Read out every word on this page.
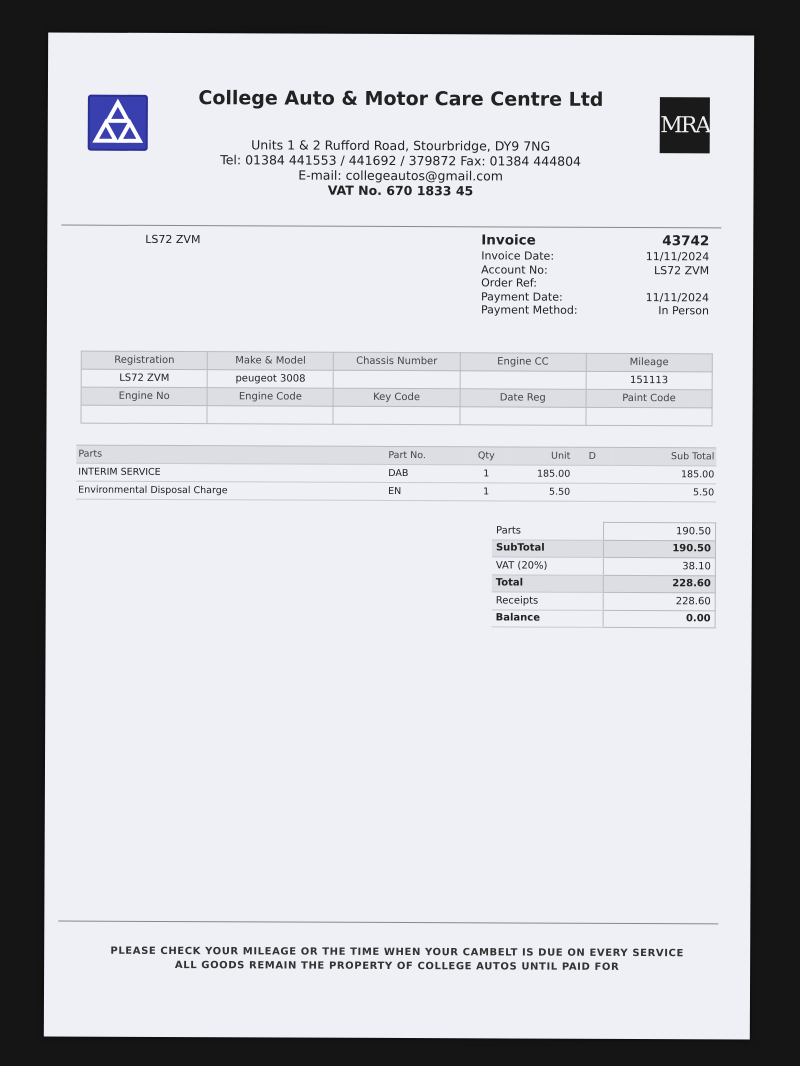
College Auto & Motor Care Centre Ltd
MRA
Units 1 & 2 Rufford Road, Stourbridge, DY9 7NG
Tel: 01384 441553 / 441692 / 379872 Fax: 01384 444804
E-mail: collegeautos@gmail.com
VAT No. 670 1833 45
LS72 ZVM	Invoice	43742
Invoice Date:	11/11/2024
Account No:	LS72 ZVM
Order Ref:
Payment Date:	11/11/2024
Payment Method:	In Person
Registration	Make & Model	Chassis Number	Engine CC	Mileage
LS72 ZVM	peugeot 3008			151113
Engine No	Engine Code	Key Code	Date Reg	Paint Code

Parts	Part No.	Qty	Unit	D	Sub Total
INTERIM SERVICE	DAB	1	185.00		185.00
Environmental Disposal Charge	EN	1	5.50		5.50
Parts	190.50
SubTotal	190.50
VAT (20%)	38.10
Total	228.60
Receipts	228.60
Balance	0.00
PLEASE CHECK YOUR MILEAGE OR THE TIME WHEN YOUR CAMBELT IS DUE ON EVERY SERVICE
ALL GOODS REMAIN THE PROPERTY OF COLLEGE AUTOS UNTIL PAID FOR
